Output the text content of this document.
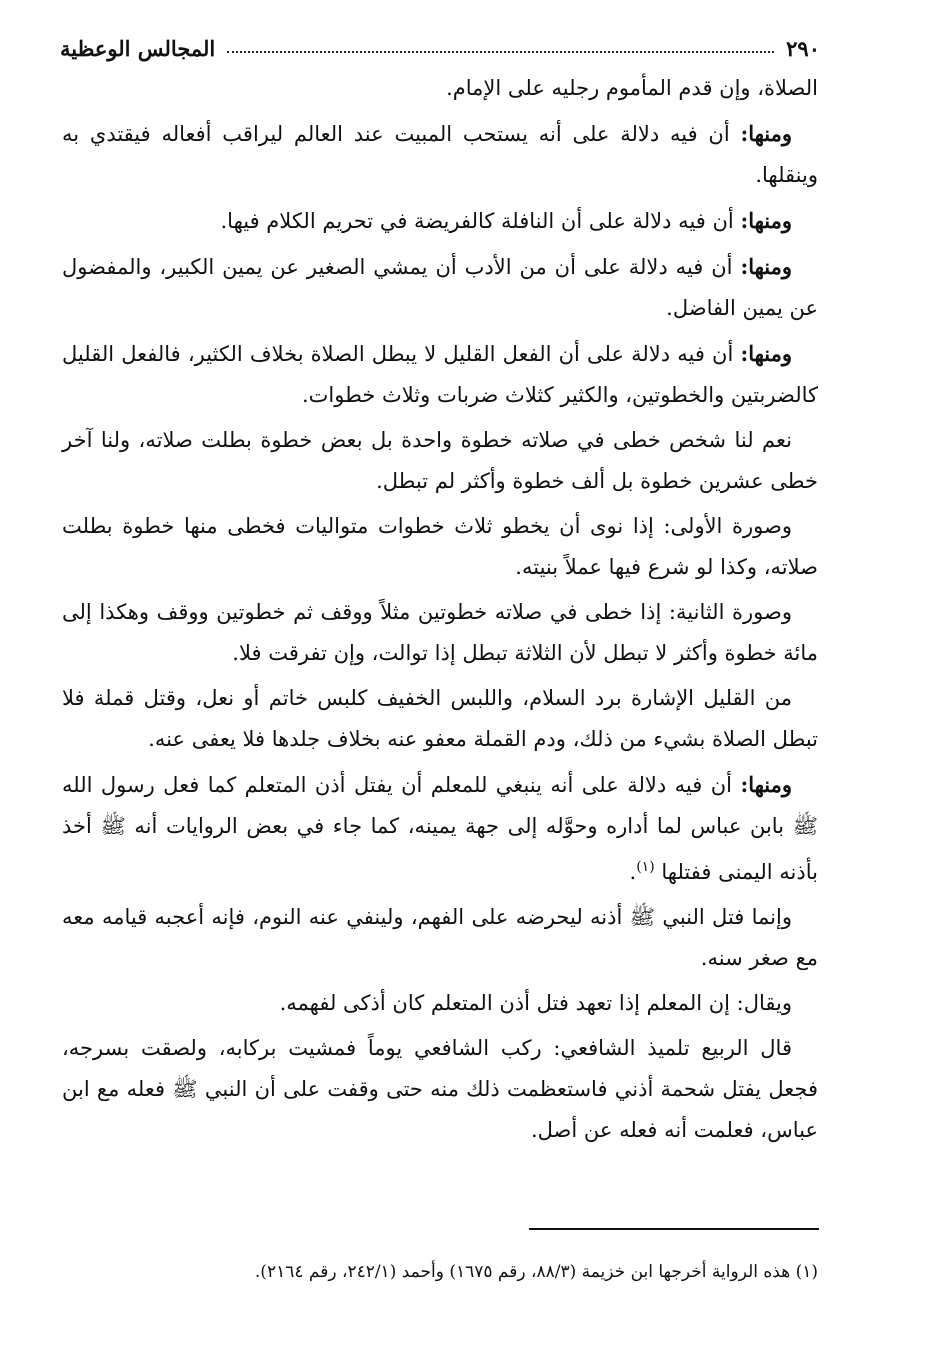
٢٩٠
المجالس الوعظية

الصلاة، وإن قدم المأموم رجليه على الإمام.

ومنها: أن فيه دلالة على أنه يستحب المبيت عند العالم ليراقب أفعاله فيقتدي به وينقلها.

ومنها: أن فيه دلالة على أن النافلة كالفريضة في تحريم الكلام فيها.

ومنها: أن فيه دلالة على أن من الأدب أن يمشي الصغير عن يمين الكبير، والمفضول عن يمين الفاضل.

ومنها: أن فيه دلالة على أن الفعل القليل لا يبطل الصلاة بخلاف الكثير، فالفعل القليل كالضربتين والخطوتين، والكثير كثلاث ضربات وثلاث خطوات.

نعم لنا شخص خطى في صلاته خطوة واحدة بل بعض خطوة بطلت صلاته، ولنا آخر خطى عشرين خطوة بل ألف خطوة وأكثر لم تبطل.

وصورة الأولى: إذا نوى أن يخطو ثلاث خطوات متواليات فخطى منها خطوة بطلت صلاته، وكذا لو شرع فيها عملاً بنيته.

وصورة الثانية: إذا خطى في صلاته خطوتين مثلاً ووقف ثم خطوتين ووقف وهكذا إلى مائة خطوة وأكثر لا تبطل لأن الثلاثة تبطل إذا توالت، وإن تفرقت فلا.

من القليل الإشارة برد السلام، واللبس الخفيف كلبس خاتم أو نعل، وقتل قملة فلا تبطل الصلاة بشيء من ذلك، ودم القملة معفو عنه بخلاف جلدها فلا يعفى عنه.

ومنها: أن فيه دلالة على أنه ينبغي للمعلم أن يفتل أذن المتعلم كما فعل رسول الله ﷺ بابن عباس لما أداره وحوَّله إلى جهة يمينه، كما جاء في بعض الروايات أنه ﷺ أخذ بأذنه اليمنى ففتلها $^{(١)}$.

وإنما فتل النبي ﷺ أذنه ليحرضه على الفهم، ولينفي عنه النوم، فإنه أعجبه قيامه معه مع صغر سنه.

ويقال: إن المعلم إذا تعهد فتل أذن المتعلم كان أذكى لفهمه.

قال الربيع تلميذ الشافعي: ركب الشافعي يوماً فمشيت بركابه، ولصقت بسرجه، فجعل يفتل شحمة أذني فاستعظمت ذلك منه حتى وقفت على أن النبي ﷺ فعله مع ابن عباس، فعلمت أنه فعله عن أصل.

(١) هذه الرواية أخرجها ابن خزيمة (٨٨/٣، رقم ١٦٧٥) وأحمد (٢٤٢/١، رقم ٢١٦٤).
